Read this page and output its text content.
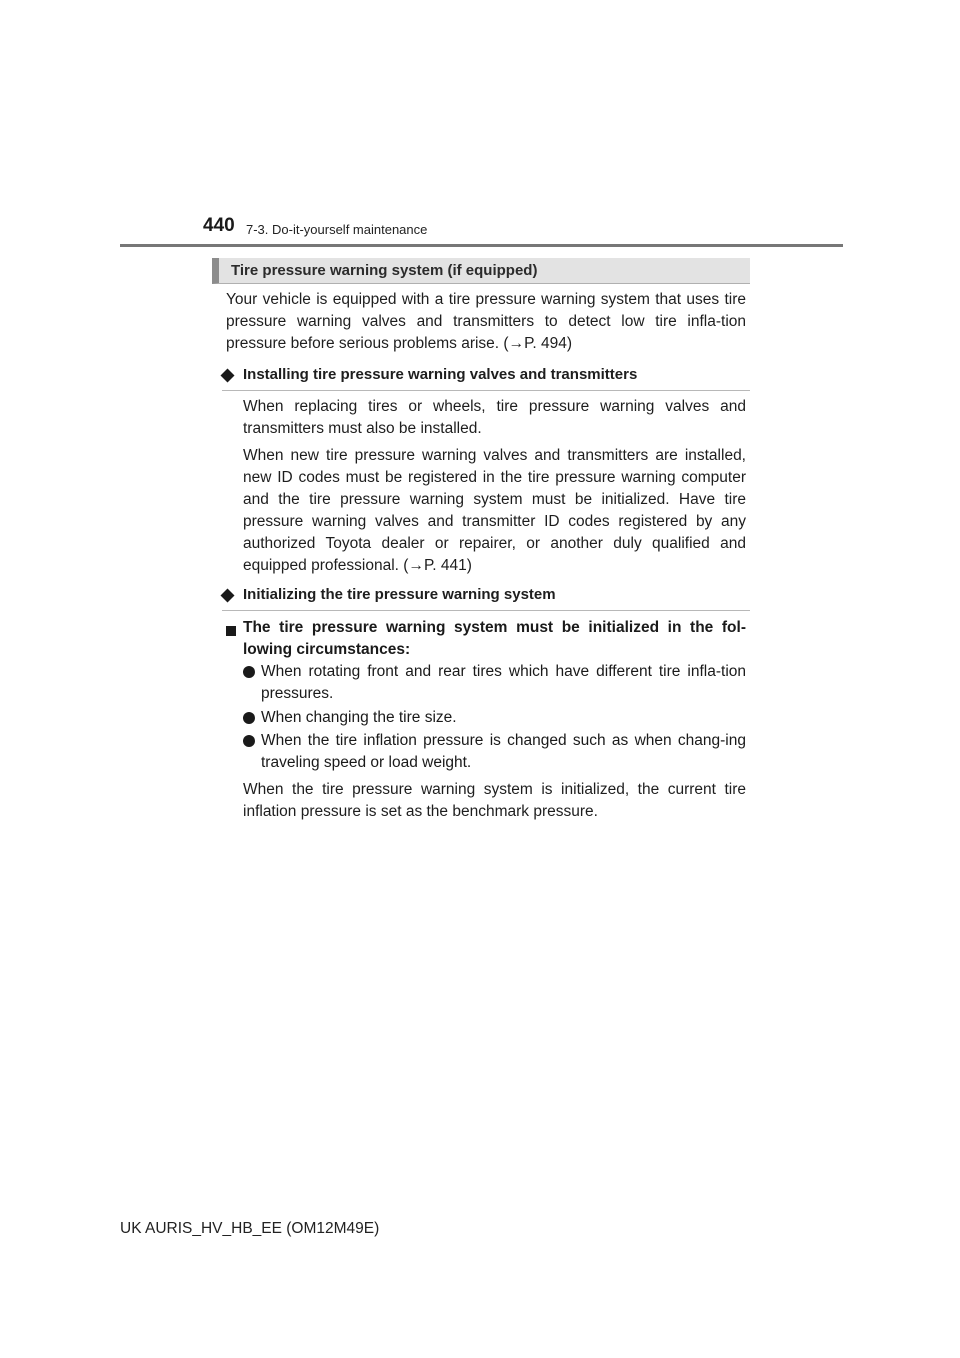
440 7-3. Do-it-yourself maintenance
Tire pressure warning system (if equipped)

Your vehicle is equipped with a tire pressure warning system that uses tire pressure warning valves and transmitters to detect low tire infla-tion pressure before serious problems arise. (→P. 494)

Installing tire pressure warning valves and transmitters

When replacing tires or wheels, tire pressure warning valves and transmitters must also be installed.

When new tire pressure warning valves and transmitters are installed, new ID codes must be registered in the tire pressure warning computer and the tire pressure warning system must be initialized. Have tire pressure warning valves and transmitter ID codes registered by any authorized Toyota dealer or repairer, or another duly qualified and equipped professional. (→P. 441)

Initializing the tire pressure warning system
The tire pressure warning system must be initialized in the fol-lowing circumstances:
When rotating front and rear tires which have different tire infla-tion pressures.
When changing the tire size.
When the tire inflation pressure is changed such as when chang-ing traveling speed or load weight.

When the tire pressure warning system is initialized, the current tire inflation pressure is set as the benchmark pressure.

UK AURIS_HV_HB_EE (OM12M49E)
